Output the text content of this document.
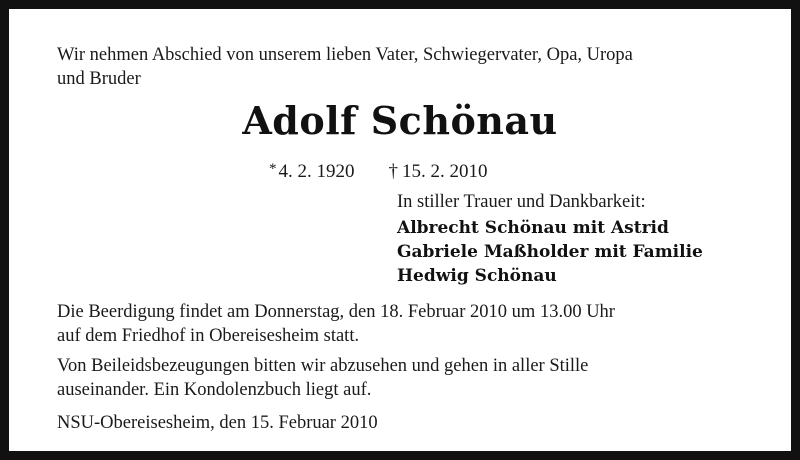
Wir nehmen Abschied von unserem lieben Vater, Schwiegervater, Opa, Uropa

und Bruder

Adolf Schönau
* 4. 2. 1920 † 15. 2. 2010

In stiller Trauer und Dankbarkeit:

Albrecht Schönau mit Astrid
Gabriele Maßholder mit Familie
Hedwig Schönau

Die Beerdigung findet am Donnerstag, den 18. Februar 2010 um 13.00 Uhr

auf dem Friedhof in Obereisesheim statt.

Von Beileidsbezeugungen bitten wir abzusehen und gehen in aller Stille

auseinander. Ein Kondolenzbuch liegt auf.

NSU-Obereisesheim, den 15. Februar 2010
